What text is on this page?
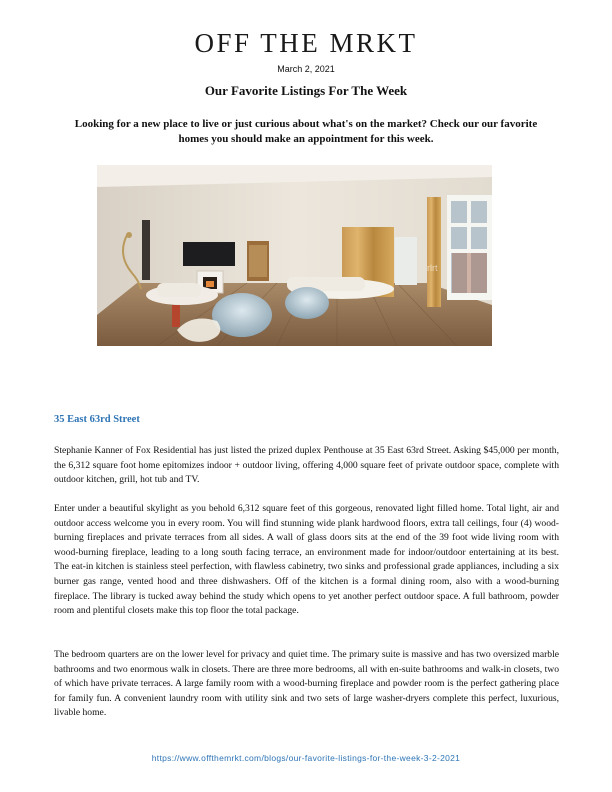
OFF THE MRKT
March 2, 2021
Our Favorite Listings For The Week
Looking for a new place to live or just curious about what's on the market? Check our our favorite homes you should make an appointment for this week.
rlrt
35 East 63rd Street

Stephanie Kanner of Fox Residential has just listed the prized duplex Penthouse at 35 East 63rd Street. Asking $45,000 per month, the 6,312 square foot home epitomizes indoor + outdoor living, offering 4,000 square feet of private outdoor space, complete with outdoor kitchen, grill, hot tub and TV.

Enter under a beautiful skylight as you behold 6,312 square feet of this gorgeous, renovated light filled home. Total light, air and outdoor access welcome you in every room. You will find stunning wide plank hardwood floors, extra tall ceilings, four (4) wood-burning fireplaces and private terraces from all sides. A wall of glass doors sits at the end of the 39 foot wide living room with wood-burning fireplace, leading to a long south facing terrace, an environment made for indoor/outdoor entertaining at its best. The eat-in kitchen is stainless steel perfection, with flawless cabinetry, two sinks and professional grade appliances, including a six burner gas range, vented hood and three dishwashers. Off of the kitchen is a formal dining room, also with a wood-burning fireplace. The library is tucked away behind the study which opens to yet another perfect outdoor space. A full bathroom, powder room and plentiful closets make this top floor the total package.

The bedroom quarters are on the lower level for privacy and quiet time. The primary suite is massive and has two oversized marble bathrooms and two enormous walk in closets. There are three more bedrooms, all with en-suite bathrooms and walk-in closets, two of which have private terraces. A large family room with a wood-burning fireplace and powder room is the perfect gathering place for family fun. A convenient laundry room with utility sink and two sets of large washer-dryers complete this perfect, luxurious, livable home.

https://www.offthemrkt.com/blogs/our-favorite-listings-for-the-week-3-2-2021
